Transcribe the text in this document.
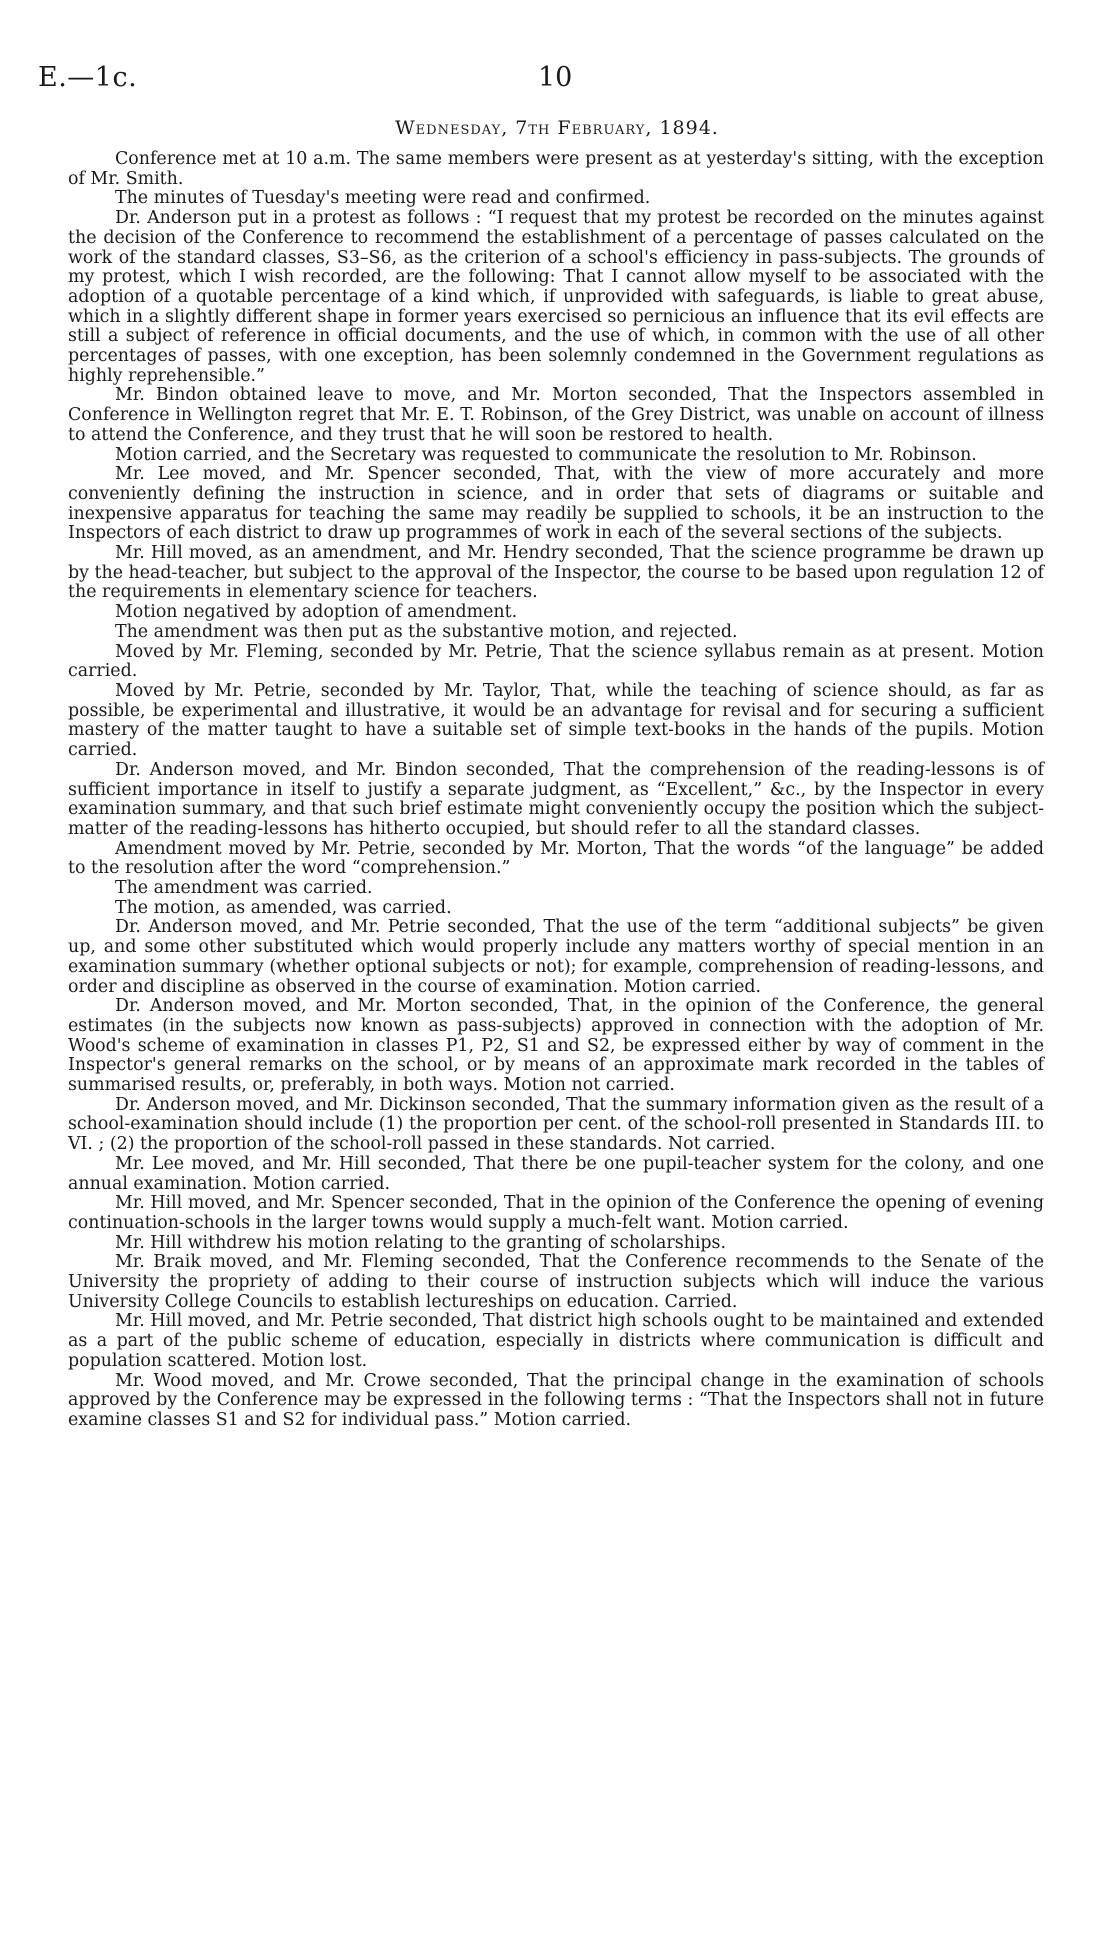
E.—1c.	10
Wednesday, 7th February, 1894.

Conference met at 10 a.m. The same members were present as at yesterday's sitting, with the exception of Mr. Smith.

The minutes of Tuesday's meeting were read and confirmed.

Dr. Anderson put in a protest as follows : “I request that my protest be recorded on the minutes against the decision of the Conference to recommend the establishment of a percentage of passes calculated on the work of the standard classes, S3–S6, as the criterion of a school's efficiency in pass-subjects. The grounds of my protest, which I wish recorded, are the following: That I cannot allow myself to be associated with the adoption of a quotable percentage of a kind which, if unprovided with safeguards, is liable to great abuse, which in a slightly different shape in former years exercised so pernicious an influence that its evil effects are still a subject of reference in official documents, and the use of which, in common with the use of all other percentages of passes, with one exception, has been solemnly condemned in the Government regulations as highly reprehensible.”

Mr. Bindon obtained leave to move, and Mr. Morton seconded, That the Inspectors assembled in Conference in Wellington regret that Mr. E. T. Robinson, of the Grey District, was unable on account of illness to attend the Conference, and they trust that he will soon be restored to health.

Motion carried, and the Secretary was requested to communicate the resolution to Mr. Robinson.

Mr. Lee moved, and Mr. Spencer seconded, That, with the view of more accurately and more conveniently defining the instruction in science, and in order that sets of diagrams or suitable and inexpensive apparatus for teaching the same may readily be supplied to schools, it be an instruction to the Inspectors of each district to draw up programmes of work in each of the several sections of the subjects.

Mr. Hill moved, as an amendment, and Mr. Hendry seconded, That the science programme be drawn up by the head-teacher, but subject to the approval of the Inspector, the course to be based upon regulation 12 of the requirements in elementary science for teachers.

Motion negatived by adoption of amendment.

The amendment was then put as the substantive motion, and rejected.

Moved by Mr. Fleming, seconded by Mr. Petrie, That the science syllabus remain as at present. Motion carried.

Moved by Mr. Petrie, seconded by Mr. Taylor, That, while the teaching of science should, as far as possible, be experimental and illustrative, it would be an advantage for revisal and for securing a sufficient mastery of the matter taught to have a suitable set of simple text-books in the hands of the pupils. Motion carried.

Dr. Anderson moved, and Mr. Bindon seconded, That the comprehension of the reading-lessons is of sufficient importance in itself to justify a separate judgment, as “Excellent,” &c., by the Inspector in every examination summary, and that such brief estimate might conveniently occupy the position which the subject-matter of the reading-lessons has hitherto occupied, but should refer to all the standard classes.

Amendment moved by Mr. Petrie, seconded by Mr. Morton, That the words “of the language” be added to the resolution after the word “comprehension.”

The amendment was carried.

The motion, as amended, was carried.

Dr. Anderson moved, and Mr. Petrie seconded, That the use of the term “additional subjects” be given up, and some other substituted which would properly include any matters worthy of special mention in an examination summary (whether optional subjects or not); for example, comprehension of reading-lessons, and order and discipline as observed in the course of examination. Motion carried.

Dr. Anderson moved, and Mr. Morton seconded, That, in the opinion of the Conference, the general estimates (in the subjects now known as pass-subjects) approved in connection with the adoption of Mr. Wood's scheme of examination in classes P1, P2, S1 and S2, be expressed either by way of comment in the Inspector's general remarks on the school, or by means of an approximate mark recorded in the tables of summarised results, or, preferably, in both ways. Motion not carried.

Dr. Anderson moved, and Mr. Dickinson seconded, That the summary information given as the result of a school-examination should include (1) the proportion per cent. of the school-roll presented in Standards III. to VI. ; (2) the proportion of the school-roll passed in these standards. Not carried.

Mr. Lee moved, and Mr. Hill seconded, That there be one pupil-teacher system for the colony, and one annual examination. Motion carried.

Mr. Hill moved, and Mr. Spencer seconded, That in the opinion of the Conference the opening of evening continuation-schools in the larger towns would supply a much-felt want. Motion carried.

Mr. Hill withdrew his motion relating to the granting of scholarships.

Mr. Braik moved, and Mr. Fleming seconded, That the Conference recommends to the Senate of the University the propriety of adding to their course of instruction subjects which will induce the various University College Councils to establish lectureships on education. Carried.

Mr. Hill moved, and Mr. Petrie seconded, That district high schools ought to be maintained and extended as a part of the public scheme of education, especially in districts where communication is difficult and population scattered. Motion lost.

Mr. Wood moved, and Mr. Crowe seconded, That the principal change in the examination of schools approved by the Conference may be expressed in the following terms : “That the Inspectors shall not in future examine classes S1 and S2 for individual pass.” Motion carried.
